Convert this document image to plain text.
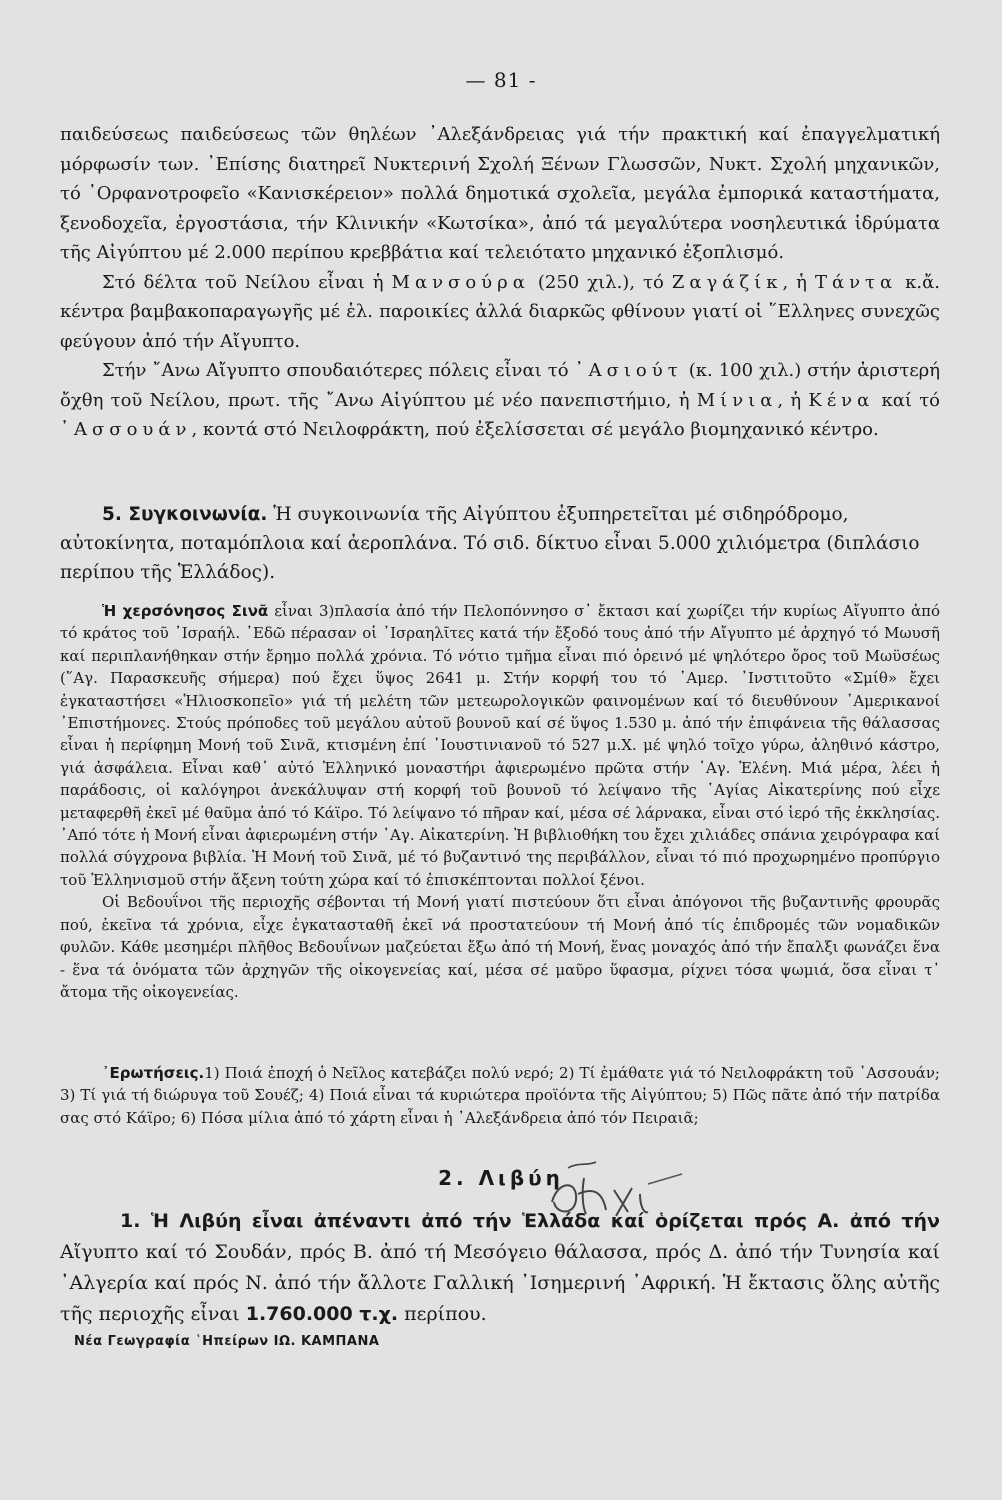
— 81 -

παιδεύσεως παιδεύσεως τῶν θηλέων ᾿Αλεξάνδρειας γιά τήν πρακτική καί ἐπαγγελματική μόρφωσίν των. ᾿Επίσης διατηρεῖ Νυκτερινή Σχολή Ξένων Γλωσσῶν, Νυκτ. Σχολή μηχανικῶν, τό ᾿Ορφανοτροφεῖο «Κανισκέρειον» πολλά δημοτικά σχολεῖα, μεγάλα ἐμπορικά καταστήματα, ξενοδοχεῖα, ἐργοστάσια, τήν Κλινικήν «Κωτσίκα», ἀπό τά μεγαλύτερα νοσηλευτικά ἱδρύματα τῆς Αἰγύπτου μέ 2.000 περίπου κρεββάτια καί τελειότατο μηχανικό ἐξοπλισμό.

Στό δέλτα τοῦ Νείλου εἶναι ἡ Μανσούρα (250 χιλ.), τό Ζαγάζίκ, ἡ Τάντα κ.ἄ. κέντρα βαμβακοπαραγωγῆς μέ ἑλ. παροικίες ἀλλά διαρκῶς φθίνουν γιατί οἱ ῞Ελληνες συνεχῶς φεύγουν ἀπό τήν Αἴγυπτο.

Στήν ῎Ανω Αἴγυπτο σπουδαιότερες πόλεις εἶναι τό ᾿Ασιούτ (κ. 100 χιλ.) στήν ἀριστερή ὄχθη τοῦ Νείλου, πρωτ. τῆς ῎Ανω Αἰγύπτου μέ νέο πανεπιστήμιο, ἡ Μίνια, ἡ Κένα καί τό ᾿Ασσουάν, κοντά στό Νειλοφράκτη, πού ἐξελίσσεται σέ μεγάλο βιομηχανικό κέντρο.

5. Συγκοινωνία. Ἡ συγκοινωνία τῆς Αἰγύπτου ἐξυπηρετεῖται μέ σιδηρόδρομο, αὐτοκίνητα, ποταμόπλοια καί ἀεροπλάνα. Τό σιδ. δίκτυο εἶναι 5.000 χιλιόμετρα (διπλάσιο περίπου τῆς Ἑλλάδος).

Ἡ χερσόνησος Σινᾶ εἶναι 3)πλασία ἀπό τήν Πελοπόννησο σ᾿ ἔκτασι καί χωρίζει τήν κυρίως Αἴγυπτο ἀπό τό κράτος τοῦ ᾿Ισραήλ. ᾿Εδῶ πέρασαν οἱ ᾿Ισραηλῖτες κατά τήν ἔξοδό τους ἀπό τήν Αἴγυπτο μέ ἀρχηγό τό Μωυσῆ καί περιπλανήθηκαν στήν ἔρημο πολλά χρόνια. Τό νότιο τμῆμα εἶναι πιό ὀρεινό μέ ψηλότερο ὄρος τοῦ Μωϋσέως (῞Αγ. Παρασκευῆς σήμερα) πού ἔχει ὕψος 2641 μ. Στήν κορφή του τό ᾿Αμερ. ᾿Ινστιτοῦτο «Σμίθ» ἔχει ἐγκαταστήσει «Ἡλιοσκοπεῖο» γιά τή μελέτη τῶν μετεωρολογικῶν φαινομένων καί τό διευθύνουν ᾿Αμερικανοί ᾿Επιστήμονες. Στούς πρόποδες τοῦ μεγάλου αὐτοῦ βουνοῦ καί σέ ὕψος 1.530 μ. ἀπό τήν ἐπιφάνεια τῆς θάλασσας εἶναι ἡ περίφημη Μονή τοῦ Σινᾶ, κτισμένη ἐπί ᾿Ιουστινιανοῦ τό 527 μ.Χ. μέ ψηλό τοῖχο γύρω, ἀληθινό κάστρο, γιά ἀσφάλεια. Εἶναι καθ᾿ αὐτό Ἑλληνικό μοναστήρι ἀφιερωμένο πρῶτα στήν ῾Αγ. Ἑλένη. Μιά μέρα, λέει ἡ παράδοσις, οἱ καλόγηροι ἀνεκάλυψαν στή κορφή τοῦ βουνοῦ τό λείψανο τῆς ῾Αγίας Αἰκατερίνης πού εἶχε μεταφερθῆ ἐκεῖ μέ θαῦμα ἀπό τό Κάϊρο. Τό λείψανο τό πῆραν καί, μέσα σέ λάρνακα, εἶναι στό ἱερό τῆς ἐκκλησίας. ᾿Από τότε ἡ Μονή εἶναι ἀφιερωμένη στήν ῾Αγ. Αἰκατερίνη. Ἡ βιβλιοθήκη του ἔχει χιλιάδες σπάνια χειρόγραφα καί πολλά σύγχρονα βιβλία. Ἡ Μονή τοῦ Σινᾶ, μέ τό βυζαντινό της περιβάλλον, εἶναι τό πιό προχωρημένο προπύργιο τοῦ Ἑλληνισμοῦ στήν ἄξενη τούτη χώρα καί τό ἐπισκέπτονται πολλοί ξένοι.

Οἱ Βεδουΐνοι τῆς περιοχῆς σέβονται τή Μονή γιατί πιστεύουν ὅτι εἶναι ἀπόγονοι τῆς βυζαντινῆς φρουρᾶς πού, ἐκεῖνα τά χρόνια, εἶχε ἐγκατασταθῆ ἐκεῖ νά προστατεύουν τή Μονή ἀπό τίς ἐπιδρομές τῶν νομαδικῶν φυλῶν. Κάθε μεσημέρι πλῆθος Βεδουΐνων μαζεύεται ἔξω ἀπό τή Μονή, ἕνας μοναχός ἀπό τήν ἔπαλξι φωνάζει ἕνα - ἕνα τά ὀνόματα τῶν ἀρχηγῶν τῆς οἰκογενείας καί, μέσα σέ μαῦρο ὕφασμα, ρίχνει τόσα ψωμιά, ὅσα εἶναι τ᾿ ἄτομα τῆς οἰκογενείας.

᾿Ερωτήσεις.1) Ποιά ἐποχή ὁ Νεῖλος κατεβάζει πολύ νερό; 2) Τί ἐμάθατε γιά τό Νειλοφράκτη τοῦ ᾿Ασσουάν; 3) Τί γιά τή διώρυγα τοῦ Σουέζ; 4) Ποιά εἶναι τά κυριώτερα προϊόντα τῆς Αἰγύπτου; 5) Πῶς πᾶτε ἀπό τήν πατρίδα σας στό Κάϊρο; 6) Πόσα μίλια ἀπό τό χάρτη εἶναι ἡ ᾿Αλεξάνδρεια ἀπό τόν Πειραιᾶ;

2. Λιβύη

1. Ἡ Λιβύη εἶναι ἀπέναντι ἀπό τήν Ἑλλάδα καί ὁρίζεται πρός Α. ἀπό τήν Αἴγυπτο καί τό Σουδάν, πρός Β. ἀπό τή Μεσόγειο θάλασσα, πρός Δ. ἀπό τήν Τυνησία καί ᾿Αλγερία καί πρός Ν. ἀπό τήν ἄλλοτε Γαλλική ᾿Ισημερινή ᾿Αφρική. Ἡ ἔκτασις ὅλης αὐτῆς τῆς περιοχῆς εἶναι 1.760.000 τ.χ. περίπου.

Νέα Γεωγραφία ῾Ηπείρων ΙΩ. ΚΑΜΠΑΝΑ
